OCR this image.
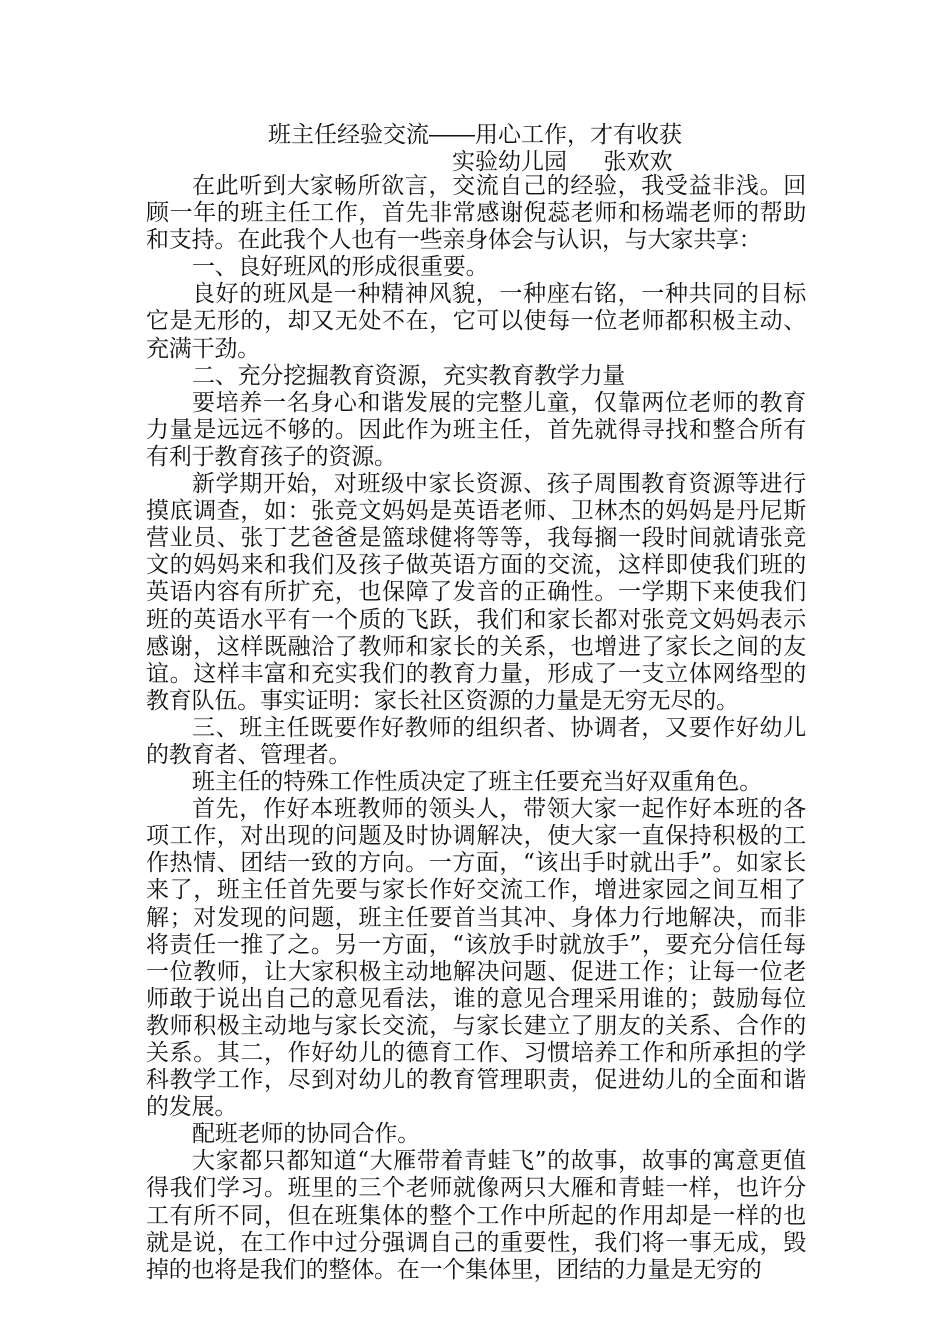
班主任经验交流――用心工作，才有收获
实验幼儿园     张欢欢

在此听到大家畅所欲言，交流自己的经验，我受益非浅。回顾一年的班主任工作，首先非常感谢倪蕊老师和杨端老师的帮助和支持。在此我个人也有一些亲身体会与认识，与大家共享：

一、良好班风的形成很重要。

良好的班风是一种精神风貌，一种座右铭，一种共同的目标它是无形的，却又无处不在，它可以使每一位老师都积极主动、充满干劲。

二、充分挖掘教育资源，充实教育教学力量

要培养一名身心和谐发展的完整儿童，仅靠两位老师的教育力量是远远不够的。因此作为班主任，首先就得寻找和整合所有有利于教育孩子的资源。

新学期开始，对班级中家长资源、孩子周围教育资源等进行摸底调查，如：张竞文妈妈是英语老师、卫林杰的妈妈是丹尼斯营业员、张丁艺爸爸是篮球健将等等，我每搁一段时间就请张竞文的妈妈来和我们及孩子做英语方面的交流，这样即使我们班的英语内容有所扩充，也保障了发音的正确性。一学期下来使我们班的英语水平有一个质的飞跃，我们和家长都对张竞文妈妈表示感谢，这样既融洽了教师和家长的关系，也增进了家长之间的友谊。这样丰富和充实我们的教育力量，形成了一支立体网络型的教育队伍。事实证明：家长社区资源的力量是无穷无尽的。

三、班主任既要作好教师的组织者、协调者，又要作好幼儿的教育者、管理者。

班主任的特殊工作性质决定了班主任要充当好双重角色。

首先，作好本班教师的领头人，带领大家一起作好本班的各项工作，对出现的问题及时协调解决，使大家一直保持积极的工作热情、团结一致的方向。一方面，“该出手时就出手”。如家长来了，班主任首先要与家长作好交流工作，增进家园之间互相了解；对发现的问题，班主任要首当其冲、身体力行地解决，而非将责任一推了之。另一方面，“该放手时就放手”，要充分信任每一位教师，让大家积极主动地解决问题、促进工作；让每一位老师敢于说出自己的意见看法，谁的意见合理采用谁的；鼓励每位教师积极主动地与家长交流，与家长建立了朋友的关系、合作的关系。其二，作好幼儿的德育工作、习惯培养工作和所承担的学科教学工作，尽到对幼儿的教育管理职责，促进幼儿的全面和谐的发展。

配班老师的协同合作。

大家都只都知道“大雁带着青蛙飞”的故事，故事的寓意更值得我们学习。班里的三个老师就像两只大雁和青蛙一样，也许分工有所不同，但在班集体的整个工作中所起的作用却是一样的也就是说，在工作中过分强调自己的重要性，我们将一事无成，毁掉的也将是我们的整体。在一个集体里，团结的力量是无穷的
